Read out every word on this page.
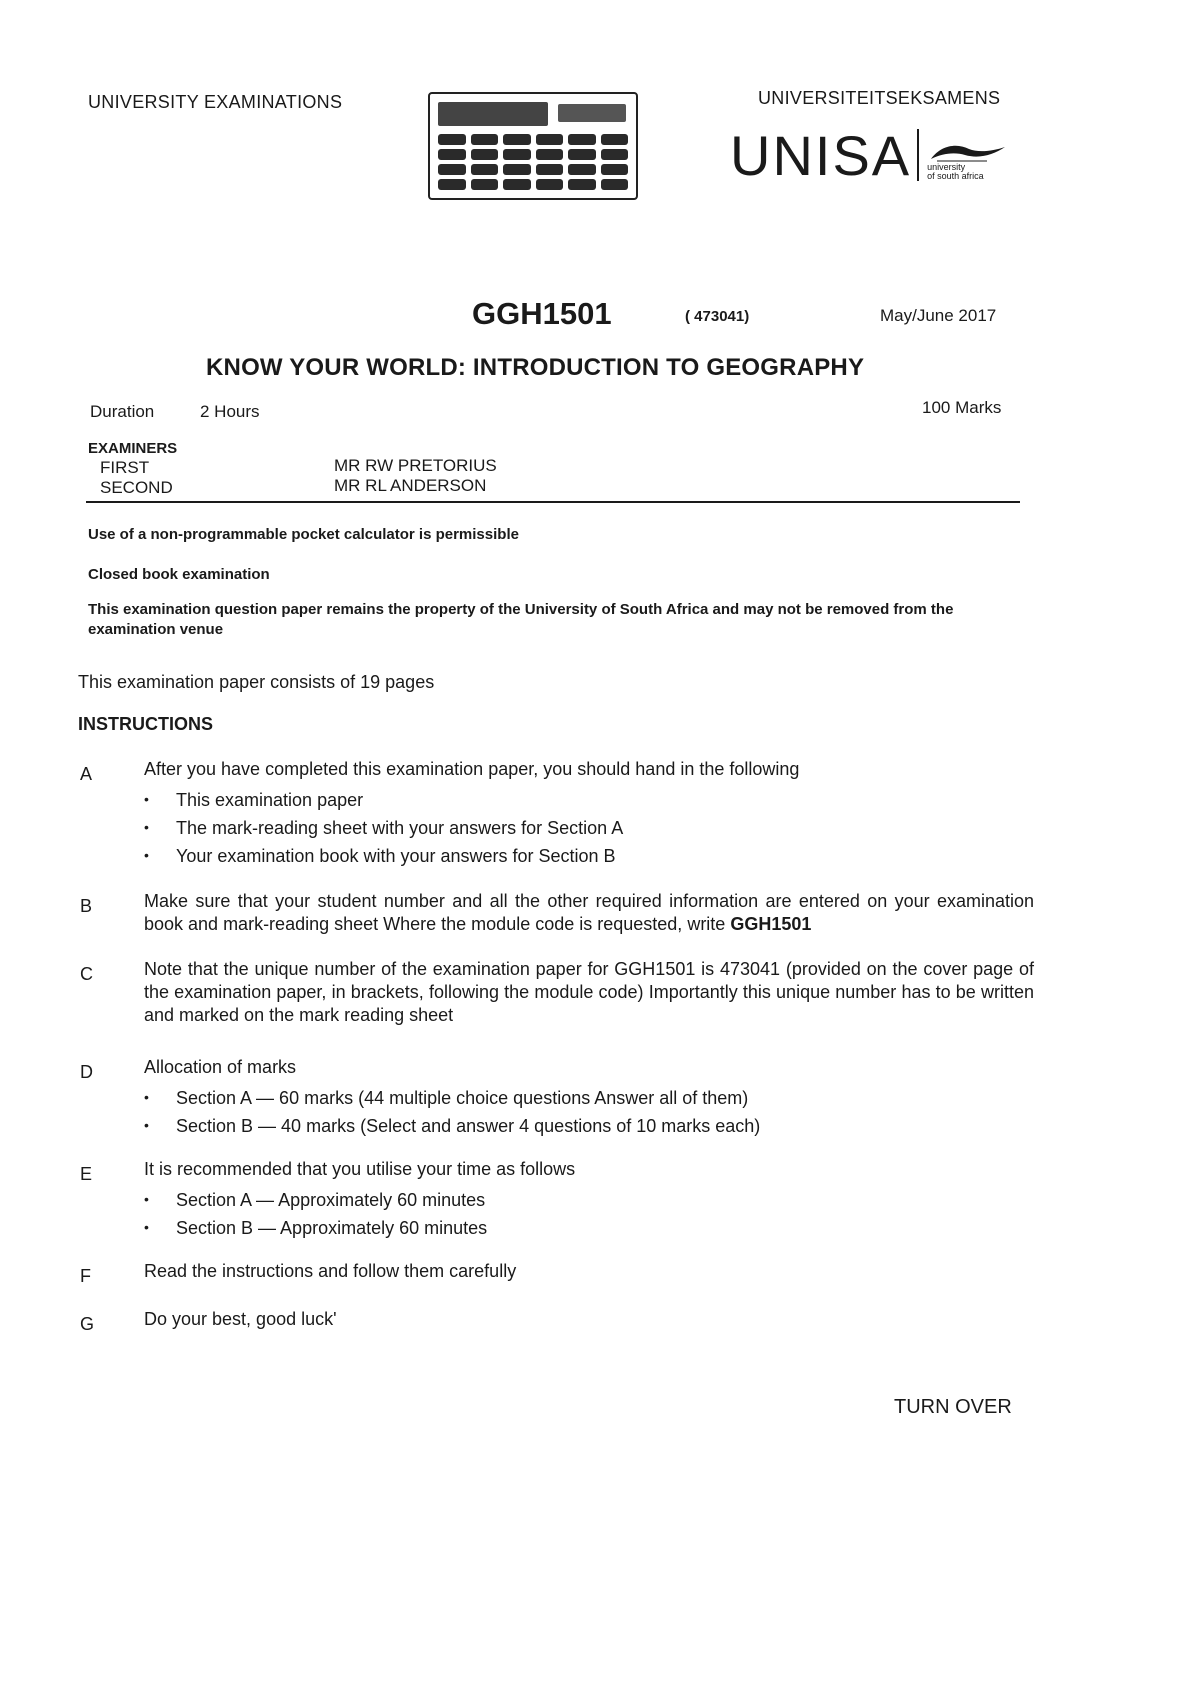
UNIVERSITY EXAMINATIONS	UNIVERSITEITSEKSAMENS
UNISA university
of south africa
GGH1501	( 473041)	May/June 2017
KNOW YOUR WORLD: INTRODUCTION TO GEOGRAPHY
Duration	2 Hours	100 Marks
EXAMINERS
FIRST	MR RW PRETORIUS
SECOND	MR RL ANDERSON
Use of a non-programmable pocket calculator is permissible
Closed book examination
This examination question paper remains the property of the University of South Africa and may not be removed from the examination venue
This examination paper consists of 19 pages
INSTRUCTIONS
A	After you have completed this examination paper, you should hand in the following
• This examination paper
• The mark-reading sheet with your answers for Section A
• Your examination book with your answers for Section B
B	Make sure that your student number and all the other required information are entered on your examination book and mark-reading sheet Where the module code is requested, write GGH1501
C	Note that the unique number of the examination paper for GGH1501 is 473041 (provided on the cover page of the examination paper, in brackets, following the module code) Importantly this unique number has to be written and marked on the mark reading sheet
D	Allocation of marks
• Section A — 60 marks (44 multiple choice questions Answer all of them)
• Section B — 40 marks (Select and answer 4 questions of 10 marks each)
E	It is recommended that you utilise your time as follows
• Section A — Approximately 60 minutes
• Section B — Approximately 60 minutes
F	Read the instructions and follow them carefully
G	Do your best, good luck'
TURN OVER
